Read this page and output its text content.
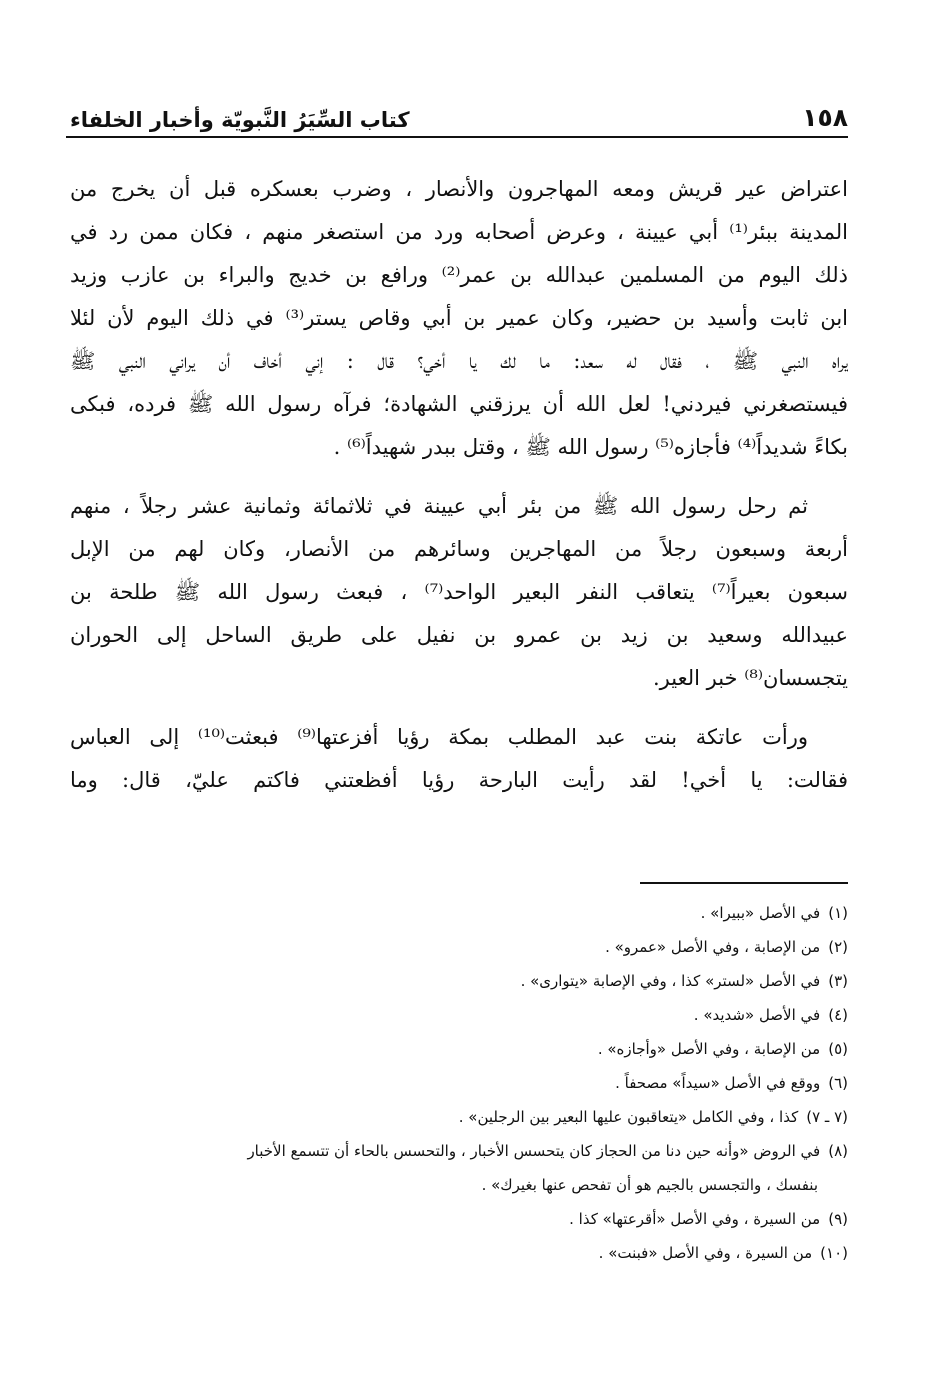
١٥٨
كتاب السِّيَرُ النَّبويّة وأخبار الخلفاء

اعتراض عير قريش ومعه المهاجرون والأنصار ، وضرب بعسكره قبل أن يخرج من
المدينة ببئر⁽¹⁾ أبي عيينة ، وعرض أصحابه ورد من استصغر منهم ، فكان ممن رد في
ذلك اليوم من المسلمين عبدالله بن عمر⁽²⁾ ورافع بن خديج والبراء بن عازب وزيد
ابن ثابت وأسيد بن حضير، وكان عمير بن أبي وقاص يستر⁽³⁾ في ذلك اليوم لأن لئلا
يراه النبي ﷺ ، فقال له سعد: ما لك يا أخي؟ قال : إني أخاف أن يراني النبي ﷺ
فيستصغرني فيردني! لعل الله أن يرزقني الشهادة؛ فرآه رسول الله ﷺ فرده، فبكى
بكاءً شديداً⁽⁴⁾ فأجازه⁽⁵⁾ رسول الله ﷺ ، وقتل ببدر شهيداً⁽⁶⁾ .

ثم رحل رسول الله ﷺ من بئر أبي عيينة في ثلاثمائة وثمانية عشر رجلاً ، منهم
أربعة وسبعون رجلاً من المهاجرين وسائرهم من الأنصار، وكان لهم من الإبل
سبعون بعيراً⁽⁷⁾ يتعاقب النفر البعير الواحد⁽⁷⁾ ، فبعث رسول الله ﷺ طلحة بن
عبيدالله وسعيد بن زيد بن عمرو بن نفيل على طريق الساحل إلى الحوران
يتجسسان⁽⁸⁾ خبر العير.

ورأت عاتكة بنت عبد المطلب بمكة رؤيا أفزعتها⁽⁹⁾ فبعثت⁽¹⁰⁾ إلى العباس
فقالت: يا أخي! لقد رأيت البارحة رؤيا أفظعتني فاكتم عليّ، قال: وما

(١)في الأصل «ببيرا» .
(٢)من الإصابة ، وفي الأصل «عمرو» .
(٣)في الأصل «لستر» كذا ، وفي الإصابة «يتوارى» .
(٤)في الأصل «شديد» .
(٥)من الإصابة ، وفي الأصل «وأجازه» .
(٦)ووقع في الأصل «سيداً» مصحفاً .
(٧ ـ ٧)كذا ، وفي الكامل «يتعاقبون عليها البعير بين الرجلين» .
(٨)في الروض «وأنه حين دنا من الحجاز كان يتحسس الأخبار ، والتحسس بالحاء أن تتسمع الأخبار
بنفسك ، والتجسس بالجيم هو أن تفحص عنها بغيرك» .
(٩)من السيرة ، وفي الأصل «أقرعتها» كذا .
(١٠)من السيرة ، وفي الأصل «فبنت» .
